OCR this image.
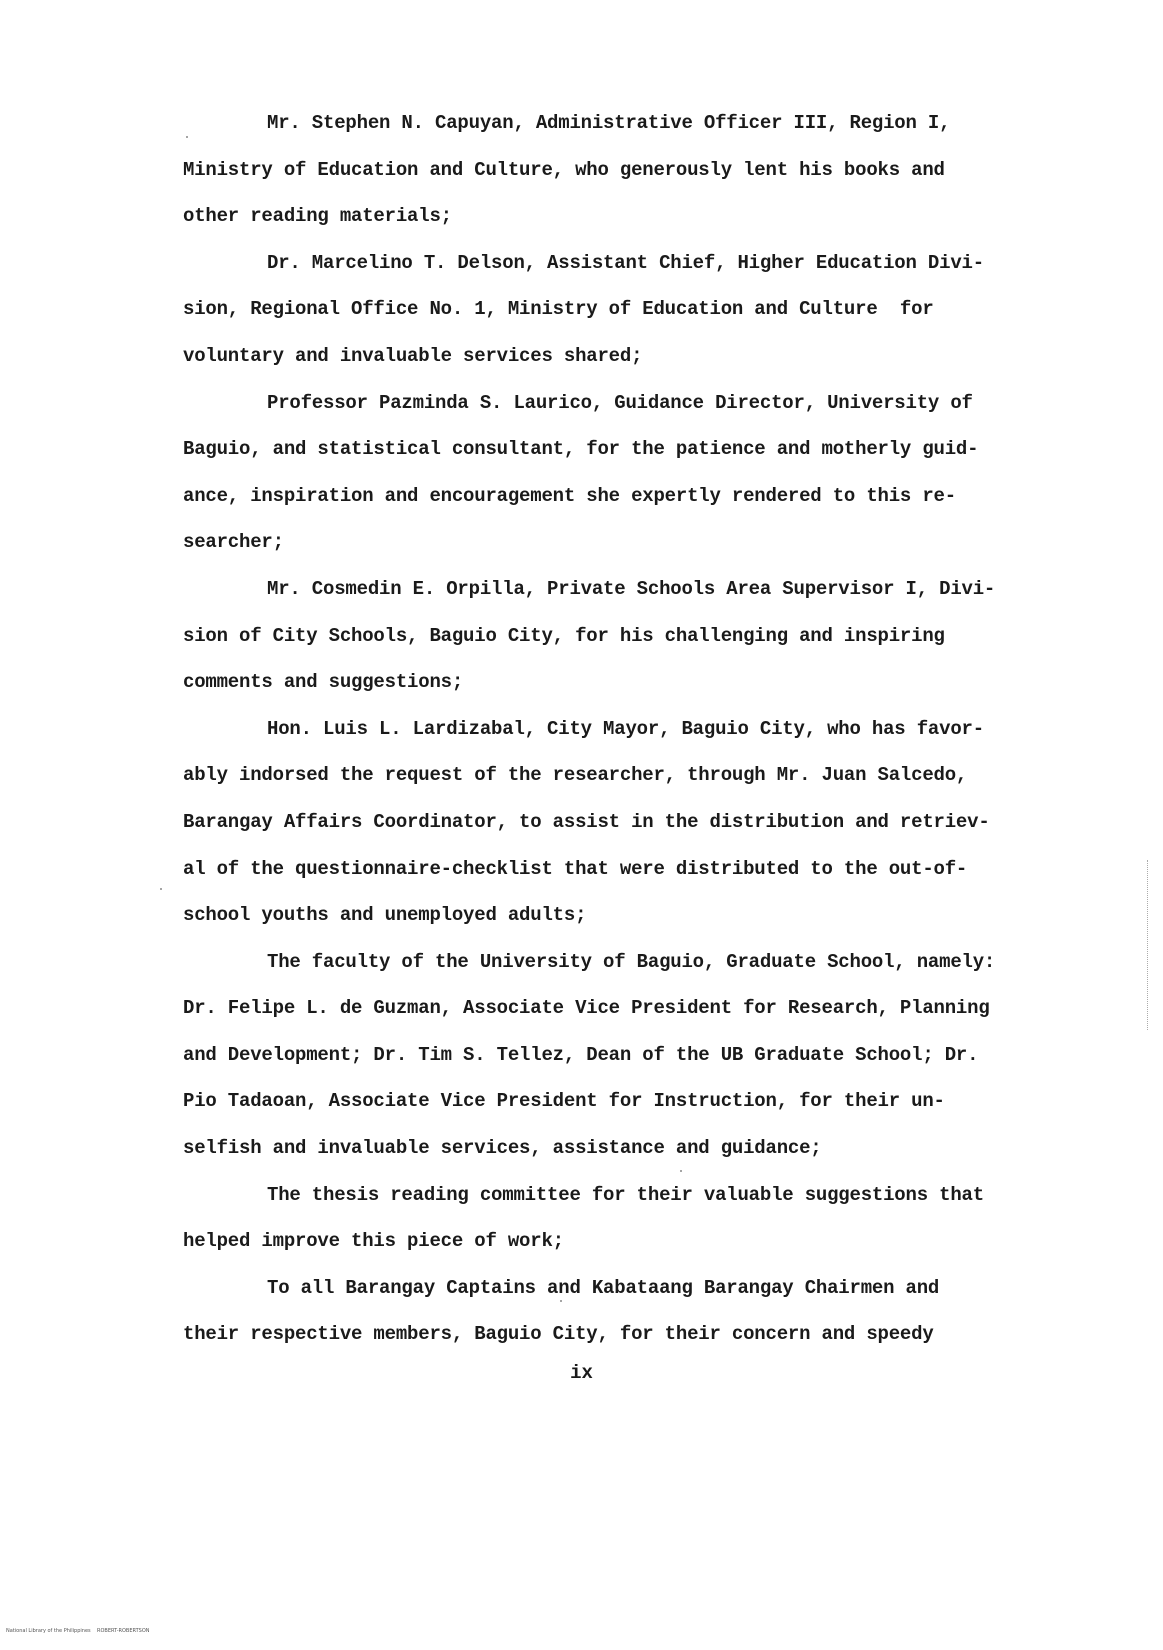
Mr. Stephen N. Capuyan, Administrative Officer III, Region I,
Ministry of Education and Culture, who generously lent his books and
other reading materials;
Dr. Marcelino T. Delson, Assistant Chief, Higher Education Divi-
sion, Regional Office No. 1, Ministry of Education and Culture  for
voluntary and invaluable services shared;
Professor Pazminda S. Laurico, Guidance Director, University of
Baguio, and statistical consultant, for the patience and motherly guid-
ance, inspiration and encouragement she expertly rendered to this re-
searcher;
Mr. Cosmedin E. Orpilla, Private Schools Area Supervisor I, Divi-
sion of City Schools, Baguio City, for his challenging and inspiring
comments and suggestions;
Hon. Luis L. Lardizabal, City Mayor, Baguio City, who has favor-
ably indorsed the request of the researcher, through Mr. Juan Salcedo,
Barangay Affairs Coordinator, to assist in the distribution and retriev-
al of the questionnaire-checklist that were distributed to the out-of-
school youths and unemployed adults;
The faculty of the University of Baguio, Graduate School, namely:
Dr. Felipe L. de Guzman, Associate Vice President for Research, Planning
and Development; Dr. Tim S. Tellez, Dean of the UB Graduate School; Dr.
Pio Tadaoan, Associate Vice President for Instruction, for their un-
selfish and invaluable services, assistance and guidance;
The thesis reading committee for their valuable suggestions that
helped improve this piece of work;
To all Barangay Captains and Kabataang Barangay Chairmen and
their respective members, Baguio City, for their concern and speedy
ix
National Library of the Philippines    ROBERT-ROBERTSON
